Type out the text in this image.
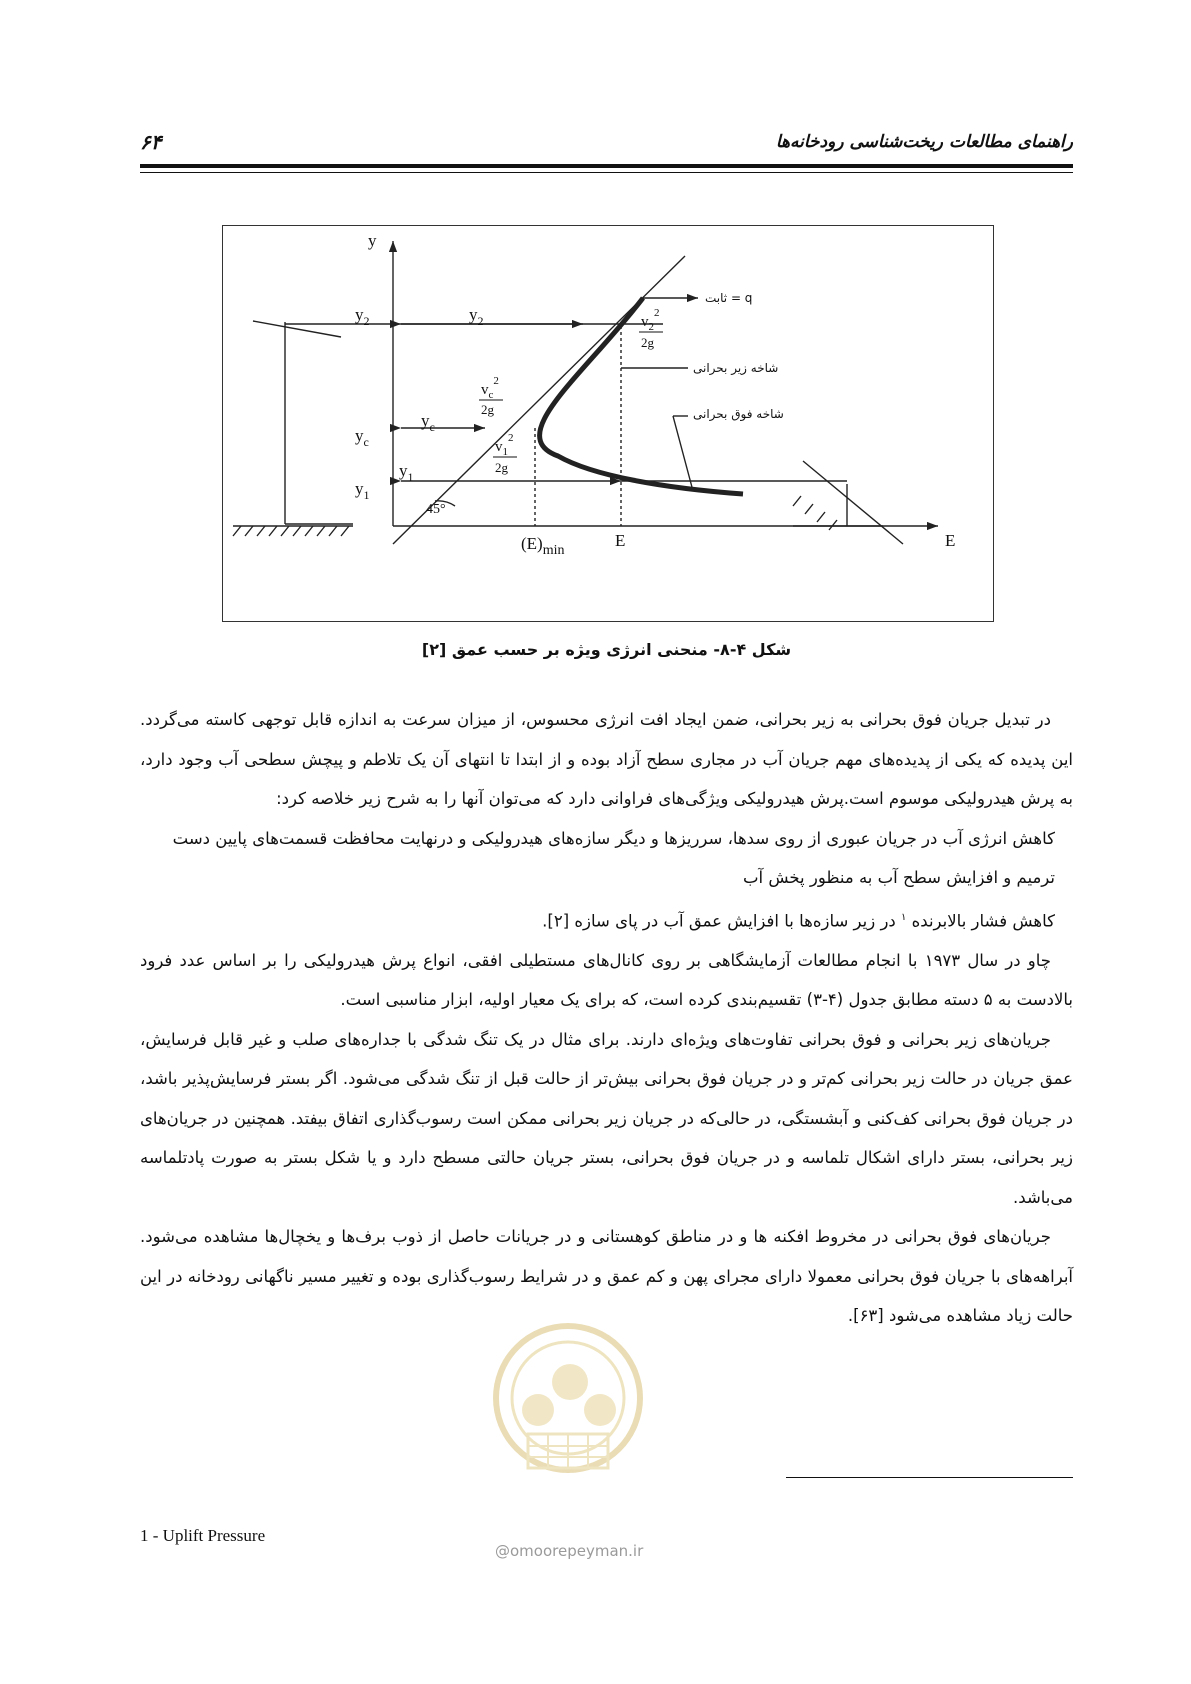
۶۴	راهنمای مطالعات ریخت‌شناسی رودخانه‌ها
y
E
$y_2$	$y_2$
$y_c$
$y_c$
$y_1$
$y_1$
45°
$(E)_{min}$
E
$v_2^2$
2g
$v_c^2$
2g
$v_1^2$
2g
ثابت = q
شاخه زیر بحرانی
شاخه فوق بحرانی
شکل ۴-۸- منحنی انرژی ویژه بر حسب عمق [۲]

در تبدیل جریان فوق بحرانی به زیر بحرانی، ضمن ایجاد افت انرژی محسوس، از میزان سرعت به اندازه قابل توجهی کاسته می‌گردد. این پدیده که یکی از پدیده‌های مهم جریان آب در مجاری سطح آزاد بوده و از ابتدا تا انتهای آن یک تلاطم و پیچش سطحی آب وجود دارد، به پرش هیدرولیکی موسوم است.پرش هیدرولیکی ویژگی‌های فراوانی دارد که می‌توان آنها را به شرح زیر خلاصه کرد:

کاهش انرژی آب در جریان عبوری از روی سدها، سرریزها و دیگر سازه‌های هیدرولیکی و درنهایت محافظت قسمت‌های پایین دست

ترمیم و افزایش سطح آب به منظور پخش آب

کاهش فشار بالابرنده $^۱$ در زیر سازه‌ها با افزایش عمق آب در پای سازه [۲].

چاو در سال ۱۹۷۳ با انجام مطالعات آزمایشگاهی بر روی کانال‌های مستطیلی افقی، انواع پرش هیدرولیکی را بر اساس عدد فرود بالادست به ۵ دسته مطابق جدول (۴-۳) تقسیم‌بندی کرده است، که برای یک معیار اولیه، ابزار مناسبی است.

جریان‌های زیر بحرانی و فوق بحرانی تفاوت‌های ویژه‌ای دارند. برای مثال در یک تنگ شدگی با جداره‌های صلب و غیر قابل فرسایش، عمق جریان در حالت زیر بحرانی کم‌تر و در جریان فوق بحرانی بیش‌تر از حالت قبل از تنگ شدگی می‌شود. اگر بستر فرسایش‌پذیر باشد، در جریان فوق بحرانی کف‌کنی و آبشستگی، در حالی‌که در جریان زیر بحرانی ممکن است رسوب‌گذاری اتفاق بیفتد. همچنین در جریان‌های زیر بحرانی، بستر دارای اشکال تلماسه و در جریان فوق بحرانی، بستر جریان حالتی مسطح دارد و یا شکل بستر به صورت پادتلماسه می‌باشد.

جریان‌های فوق بحرانی در مخروط افکنه ها و در مناطق کوهستانی و در جریانات حاصل از ذوب برف‌ها و یخچال‌ها مشاهده می‌شود. آبراهه‌های با جریان فوق بحرانی معمولا دارای مجرای پهن و کم عمق و در شرایط رسوب‌گذاری بوده و تغییر مسیر ناگهانی رودخانه در این حالت زیاد مشاهده می‌شود [۶۳].

1 - Uplift Pressure
@omoorepeyman.ir
